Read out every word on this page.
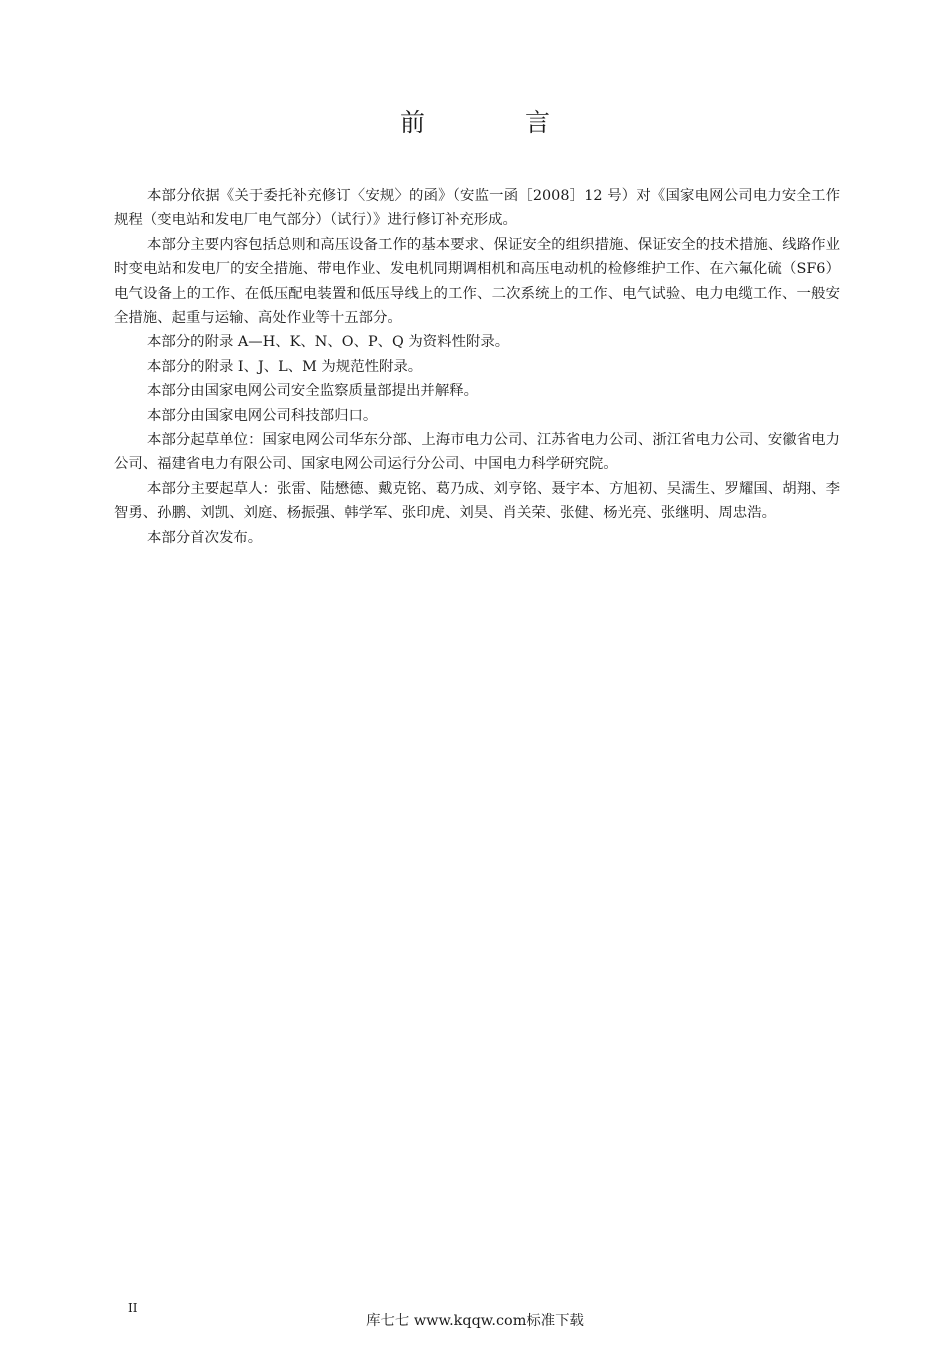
前 言

本部分依据《关于委托补充修订〈安规〉的函》（安监一函［2008］12 号）对《国家电网公司电力安全工作规程（变电站和发电厂电气部分）（试行）》进行修订补充形成。

本部分主要内容包括总则和高压设备工作的基本要求、保证安全的组织措施、保证安全的技术措施、线路作业时变电站和发电厂的安全措施、带电作业、发电机同期调相机和高压电动机的检修维护工作、在六氟化硫（SF6）电气设备上的工作、在低压配电装置和低压导线上的工作、二次系统上的工作、电气试验、电力电缆工作、一般安全措施、起重与运输、高处作业等十五部分。

本部分的附录 A—H、K、N、O、P、Q 为资料性附录。

本部分的附录 I、J、L、M 为规范性附录。

本部分由国家电网公司安全监察质量部提出并解释。

本部分由国家电网公司科技部归口。

本部分起草单位：国家电网公司华东分部、上海市电力公司、江苏省电力公司、浙江省电力公司、安徽省电力公司、福建省电力有限公司、国家电网公司运行分公司、中国电力科学研究院。

本部分主要起草人：张雷、陆懋德、戴克铭、葛乃成、刘亨铭、聂宇本、方旭初、吴濡生、罗耀国、胡翔、李智勇、孙鹏、刘凯、刘庭、杨振强、韩学军、张印虎、刘昊、肖关荣、张健、杨光亮、张继明、周忠浩。

本部分首次发布。

II
库七七 www.kqqw.com标准下载
